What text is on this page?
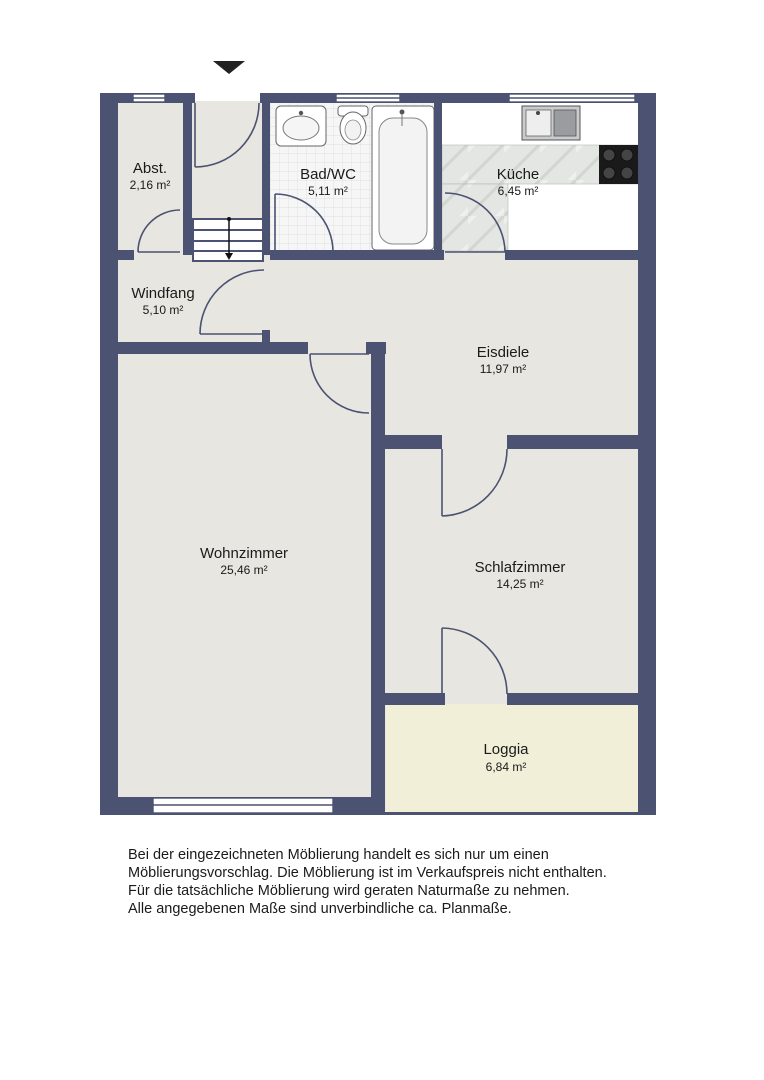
Abst.
2,16 m²
Bad/WC
5,11 m²
Küche
6,45 m²
Windfang
5,10 m²
Eisdiele
11,97 m²
Wohnzimmer
25,46 m²	Schlafzimmer
14,25 m²
Loggia
6,84 m²
Bei der eingezeichneten Möblierung handelt es sich nur um einen
Möblierungsvorschlag. Die Möblierung ist im Verkaufspreis nicht enthalten.
Für die tatsächliche Möblierung wird geraten Naturmaße zu nehmen.
Alle angegebenen Maße sind unverbindliche ca. Planmaße.
